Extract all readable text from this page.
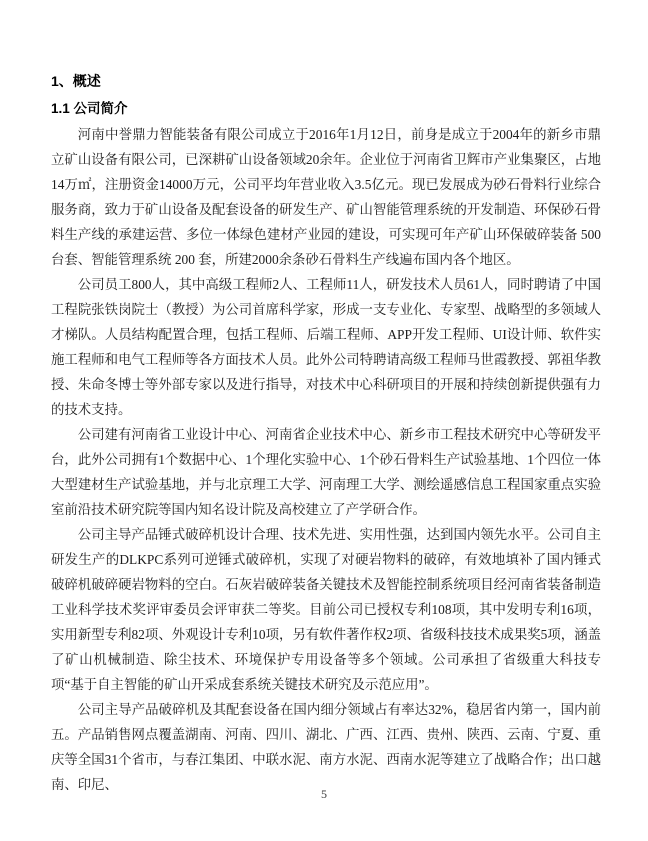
1、概述
1.1 公司简介

河南中誉鼎力智能装备有限公司成立于2016年1月12日，前身是成立于2004年的新乡市鼎立矿山设备有限公司，已深耕矿山设备领域20余年。企业位于河南省卫辉市产业集聚区，占地14万㎡，注册资金14000万元，公司平均年营业收入3.5亿元。现已发展成为砂石骨料行业综合服务商，致力于矿山设备及配套设备的研发生产、矿山智能管理系统的开发制造、环保砂石骨料生产线的承建运营、多位一体绿色建材产业园的建设，可实现可年产矿山环保破碎装备 500 台套、智能管理系统 200 套，所建2000余条砂石骨料生产线遍布国内各个地区。

公司员工800人，其中高级工程师2人、工程师11人，研发技术人员61人，同时聘请了中国工程院张铁岗院士（教授）为公司首席科学家，形成一支专业化、专家型、战略型的多领域人才梯队。人员结构配置合理，包括工程师、后端工程师、APP开发工程师、UI设计师、软件实施工程师和电气工程师等各方面技术人员。此外公司特聘请高级工程师马世霞教授、郭祖华教授、朱命冬博士等外部专家以及进行指导，对技术中心科研项目的开展和持续创新提供强有力的技术支持。

公司建有河南省工业设计中心、河南省企业技术中心、新乡市工程技术研究中心等研发平台，此外公司拥有1个数据中心、1个理化实验中心、1个砂石骨料生产试验基地、1个四位一体大型建材生产试验基地，并与北京理工大学、河南理工大学、测绘遥感信息工程国家重点实验室前沿技术研究院等国内知名设计院及高校建立了产学研合作。

公司主导产品锤式破碎机设计合理、技术先进、实用性强，达到国内领先水平。公司自主研发生产的DLKPC系列可逆锤式破碎机，实现了对硬岩物料的破碎，有效地填补了国内锤式破碎机破碎硬岩物料的空白。石灰岩破碎装备关键技术及智能控制系统项目经河南省装备制造工业科学技术奖评审委员会评审获二等奖。目前公司已授权专利108项，其中发明专利16项，实用新型专利82项、外观设计专利10项，另有软件著作权2项、省级科技技术成果奖5项，涵盖了矿山机械制造、除尘技术、环境保护专用设备等多个领域。公司承担了省级重大科技专项“基于自主智能的矿山开采成套系统关键技术研究及示范应用”。

公司主导产品破碎机及其配套设备在国内细分领域占有率达32%，稳居省内第一，国内前五。产品销售网点覆盖湖南、河南、四川、湖北、广西、江西、贵州、陕西、云南、宁夏、重庆等全国31个省市，与春江集团、中联水泥、南方水泥、西南水泥等建立了战略合作；出口越南、印尼、

5
